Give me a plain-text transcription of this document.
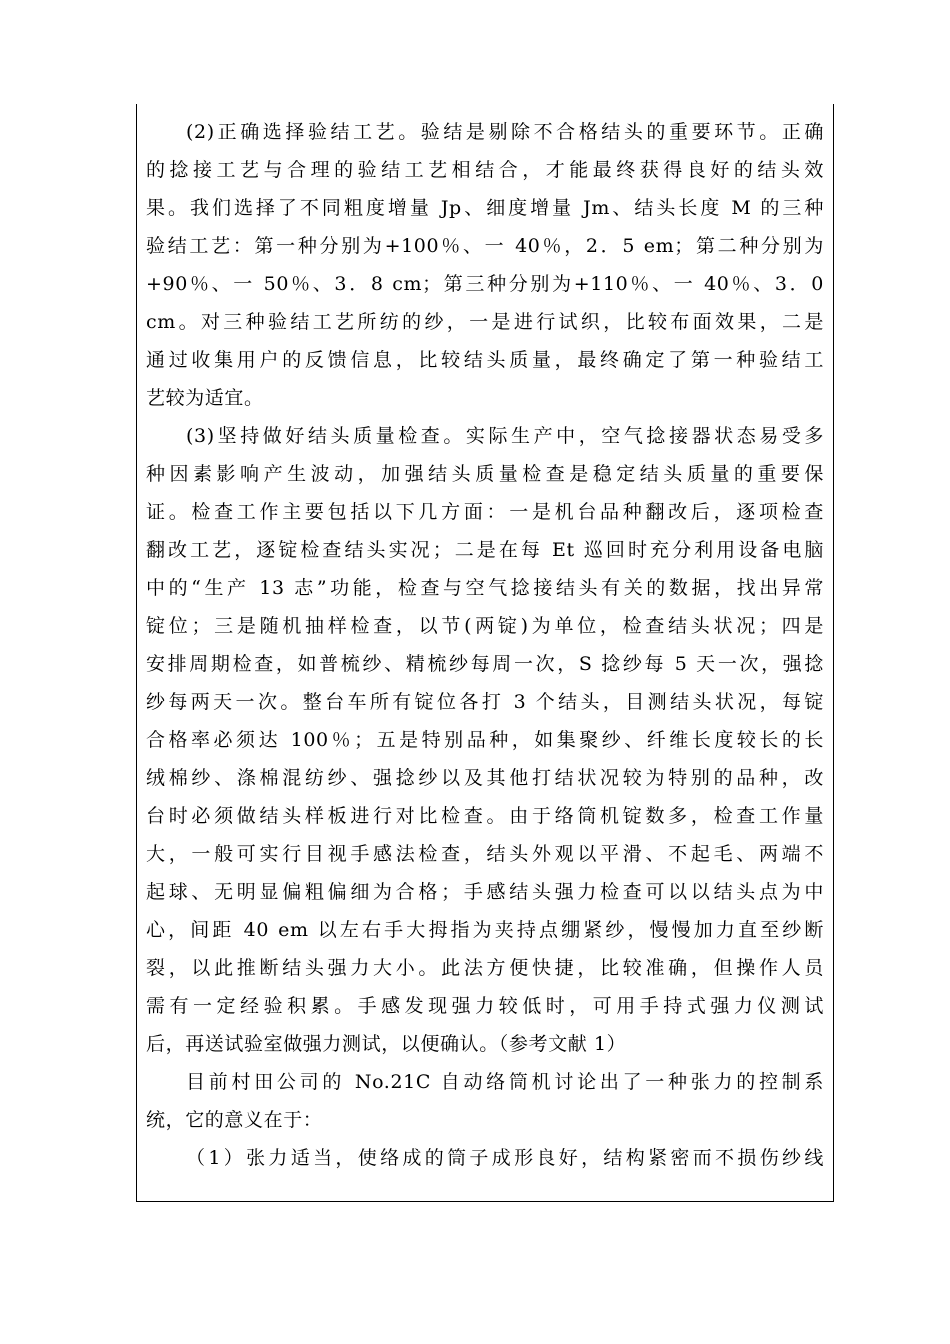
(2)正确选择验结工艺。验结是剔除不合格结头的重要环节。正确
的捻接工艺与合理的验结工艺相结合，才能最终获得良好的结头效
果。我们选择了不同粗度增量 Jp、细度增量 Jm、结头长度 M 的三种
验结工艺：第一种分别为+100％、一 40％，2．5 em；第二种分别为
+90％、一 50％、3．8 cm；第三种分别为+110％、一 40％、3．0
cm。对三种验结工艺所纺的纱，一是进行试织，比较布面效果，二是
通过收集用户的反馈信息，比较结头质量，最终确定了第一种验结工
艺较为适宜。
(3)坚持做好结头质量检查。实际生产中，空气捻接器状态易受多
种因素影响产生波动，加强结头质量检查是稳定结头质量的重要保
证。检查工作主要包括以下几方面：一是机台品种翻改后，逐项检查
翻改工艺，逐锭检查结头实况；二是在每 Et 巡回时充分利用设备电脑
中的“生产 13 志”功能，检查与空气捻接结头有关的数据，找出异常
锭位；三是随机抽样检查，以节(两锭)为单位，检查结头状况；四是
安排周期检查，如普梳纱、精梳纱每周一次，S 捻纱每 5 天一次，强捻
纱每两天一次。整台车所有锭位各打 3 个结头，目测结头状况，每锭
合格率必须达 100％；五是特别品种，如集聚纱、纤维长度较长的长
绒棉纱、涤棉混纺纱、强捻纱以及其他打结状况较为特别的品种，改
台时必须做结头样板进行对比检查。由于络筒机锭数多，检查工作量
大，一般可实行目视手感法检查，结头外观以平滑、不起毛、两端不
起球、无明显偏粗偏细为合格；手感结头强力检查可以以结头点为中
心，间距 40 em 以左右手大拇指为夹持点绷紧纱，慢慢加力直至纱断
裂，以此推断结头强力大小。此法方便快捷，比较准确，但操作人员
需有一定经验积累。手感发现强力较低时，可用手持式强力仪测试
后，再送试验室做强力测试，以便确认。（参考文献 1）
目前村田公司的 No.21C 自动络筒机讨论出了一种张力的控制系
统，它的意义在于：
（1）张力适当，使络成的筒子成形良好，结构紧密而不损伤纱线
